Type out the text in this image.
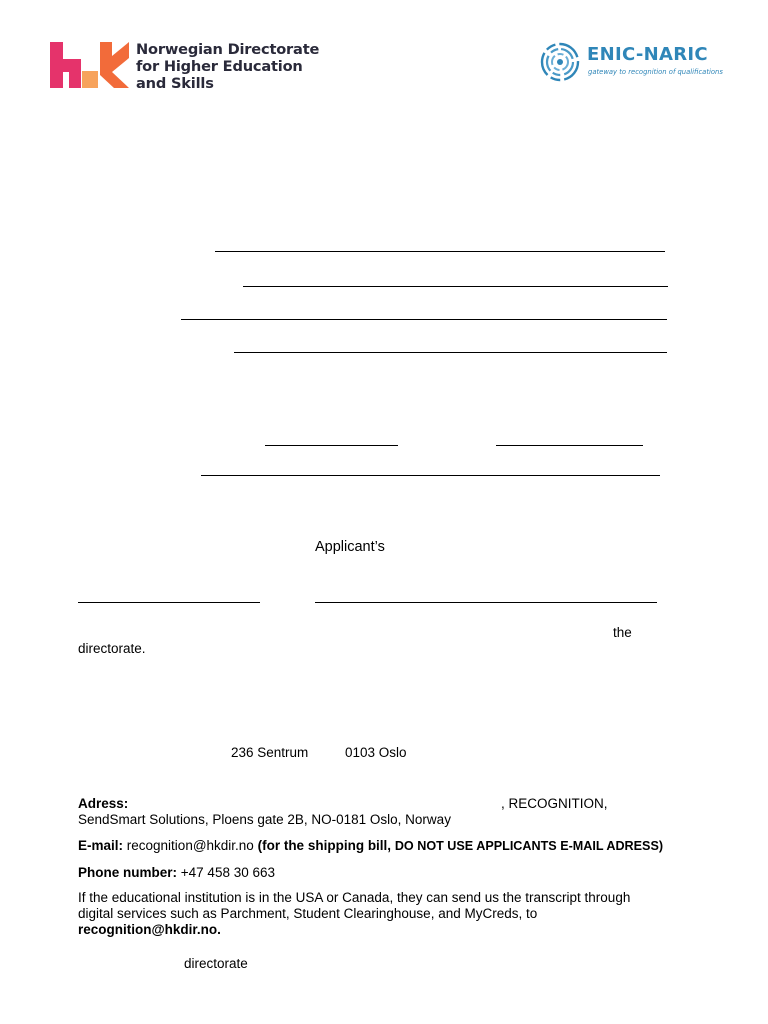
Norwegian Directorate
for Higher Education
and Skills
ENIC-NARIC
gateway to recognition of qualifications
Applicant’s
the
directorate.
236 Sentrum	0103 Oslo
Adress:	, RECOGNITION,
SendSmart Solutions, Ploens gate 2B, NO-0181 Oslo, Norway
E-mail: recognition@hkdir.no (for the shipping bill, DO NOT USE APPLICANTS E-MAIL ADRESS)
Phone number: +47 458 30 663
If the educational institution is in the USA or Canada, they can send us the transcript through
digital services such as Parchment, Student Clearinghouse, and MyCreds, to
recognition@hkdir.no.
directorate
